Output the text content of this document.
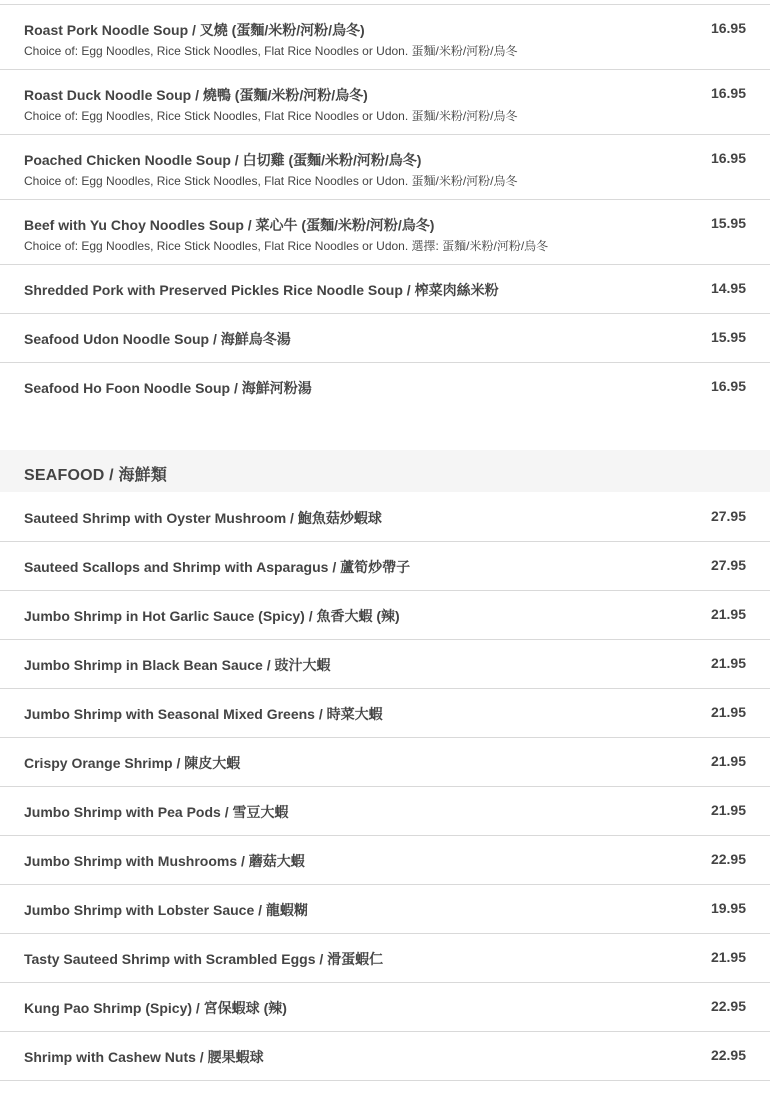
Roast Pork Noodle Soup / 叉燒 (蛋麵/米粉/河粉/烏冬)
Choice of: Egg Noodles, Rice Stick Noodles, Flat Rice Noodles or Udon. 蛋麵/米粉/河粉/烏冬
16.95
Roast Duck Noodle Soup / 燒鴨 (蛋麵/米粉/河粉/烏冬)
Choice of: Egg Noodles, Rice Stick Noodles, Flat Rice Noodles or Udon. 蛋麵/米粉/河粉/烏冬
16.95
Poached Chicken Noodle Soup / 白切雞 (蛋麵/米粉/河粉/烏冬)
Choice of: Egg Noodles, Rice Stick Noodles, Flat Rice Noodles or Udon. 蛋麵/米粉/河粉/烏冬
16.95
Beef with Yu Choy Noodles Soup / 菜心牛 (蛋麵/米粉/河粉/烏冬)
Choice of: Egg Noodles, Rice Stick Noodles, Flat Rice Noodles or Udon. 選擇: 蛋麵/米粉/河粉/烏冬
15.95
Shredded Pork with Preserved Pickles Rice Noodle Soup / 榨菜肉絲米粉	14.95
Seafood Udon Noodle Soup / 海鮮烏冬湯	15.95
Seafood Ho Foon Noodle Soup / 海鮮河粉湯	16.95
SEAFOOD / 海鮮類
Sauteed Shrimp with Oyster Mushroom / 鮑魚菇炒蝦球	27.95
Sauteed Scallops and Shrimp with Asparagus / 蘆筍炒帶子	27.95
Jumbo Shrimp in Hot Garlic Sauce (Spicy) / 魚香大蝦 (辣)	21.95
Jumbo Shrimp in Black Bean Sauce / 豉汁大蝦	21.95
Jumbo Shrimp with Seasonal Mixed Greens / 時菜大蝦	21.95
Crispy Orange Shrimp / 陳皮大蝦	21.95
Jumbo Shrimp with Pea Pods / 雪豆大蝦	21.95
Jumbo Shrimp with Mushrooms / 蘑菇大蝦	22.95
Jumbo Shrimp with Lobster Sauce / 龍蝦糊	19.95
Tasty Sauteed Shrimp with Scrambled Eggs / 滑蛋蝦仁	21.95
Kung Pao Shrimp (Spicy) / 宮保蝦球 (辣)	22.95
Shrimp with Cashew Nuts / 腰果蝦球	22.95
